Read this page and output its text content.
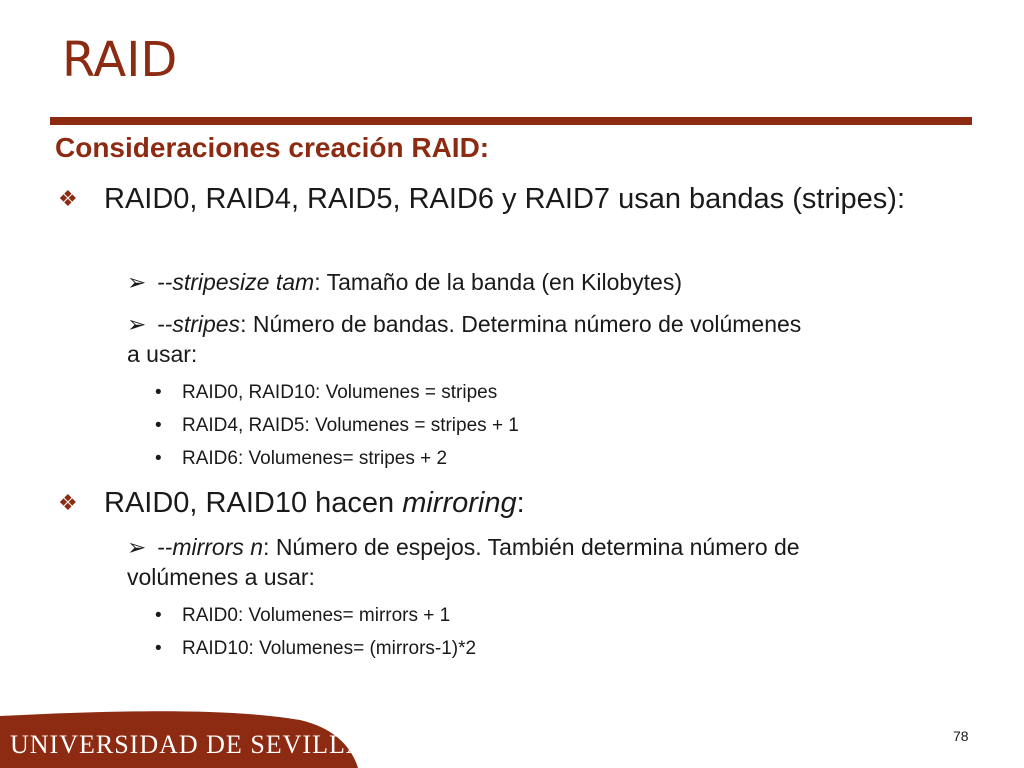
RAID

Consideraciones creación RAID:

❖ RAID0, RAID4, RAID5, RAID6 y RAID7 usan bandas (stripes):
➢ --stripesize tam: Tamaño de la banda (en Kilobytes)
➢ --stripes: Número de bandas. Determina número de volúmenes
a usar:
• RAID0, RAID10: Volumenes = stripes
• RAID4, RAID5: Volumenes = stripes + 1
• RAID6: Volumenes= stripes + 2
❖ RAID0, RAID10 hacen mirroring:
➢ --mirrors n: Número de espejos. También determina número de
volúmenes a usar:
• RAID0: Volumenes= mirrors + 1
• RAID10: Volumenes= (mirrors-1)*2
UNIVERSIDAD DE SEVILLA	78
